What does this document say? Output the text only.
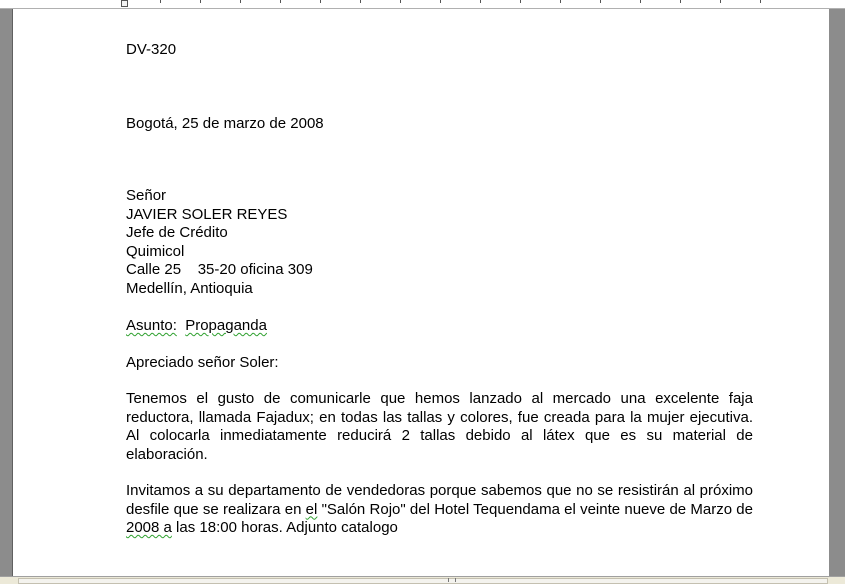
DV-320

Bogotá, 25 de marzo de 2008

Señor

JAVIER SOLER REYES

Jefe de Crédito

Quimicol

Calle 25    35-20 oficina 309

Medellín, Antioquia

Asunto: Propaganda

Apreciado señor Soler:

Tenemos el gusto de comunicarle que hemos lanzado al mercado una excelente faja reductora, llamada Fajadux; en todas las tallas y colores, fue creada para la mujer ejecutiva. Al colocarla inmediatamente reducirá 2 tallas debido al látex que es su material de elaboración.

Invitamos a su departamento de vendedoras porque sabemos que no se resistirán al próximo desfile que se realizara en el "Salón Rojo" del Hotel Tequendama el veinte nueve de Marzo de 2008 a las 18:00 horas. Adjunto catalogo
